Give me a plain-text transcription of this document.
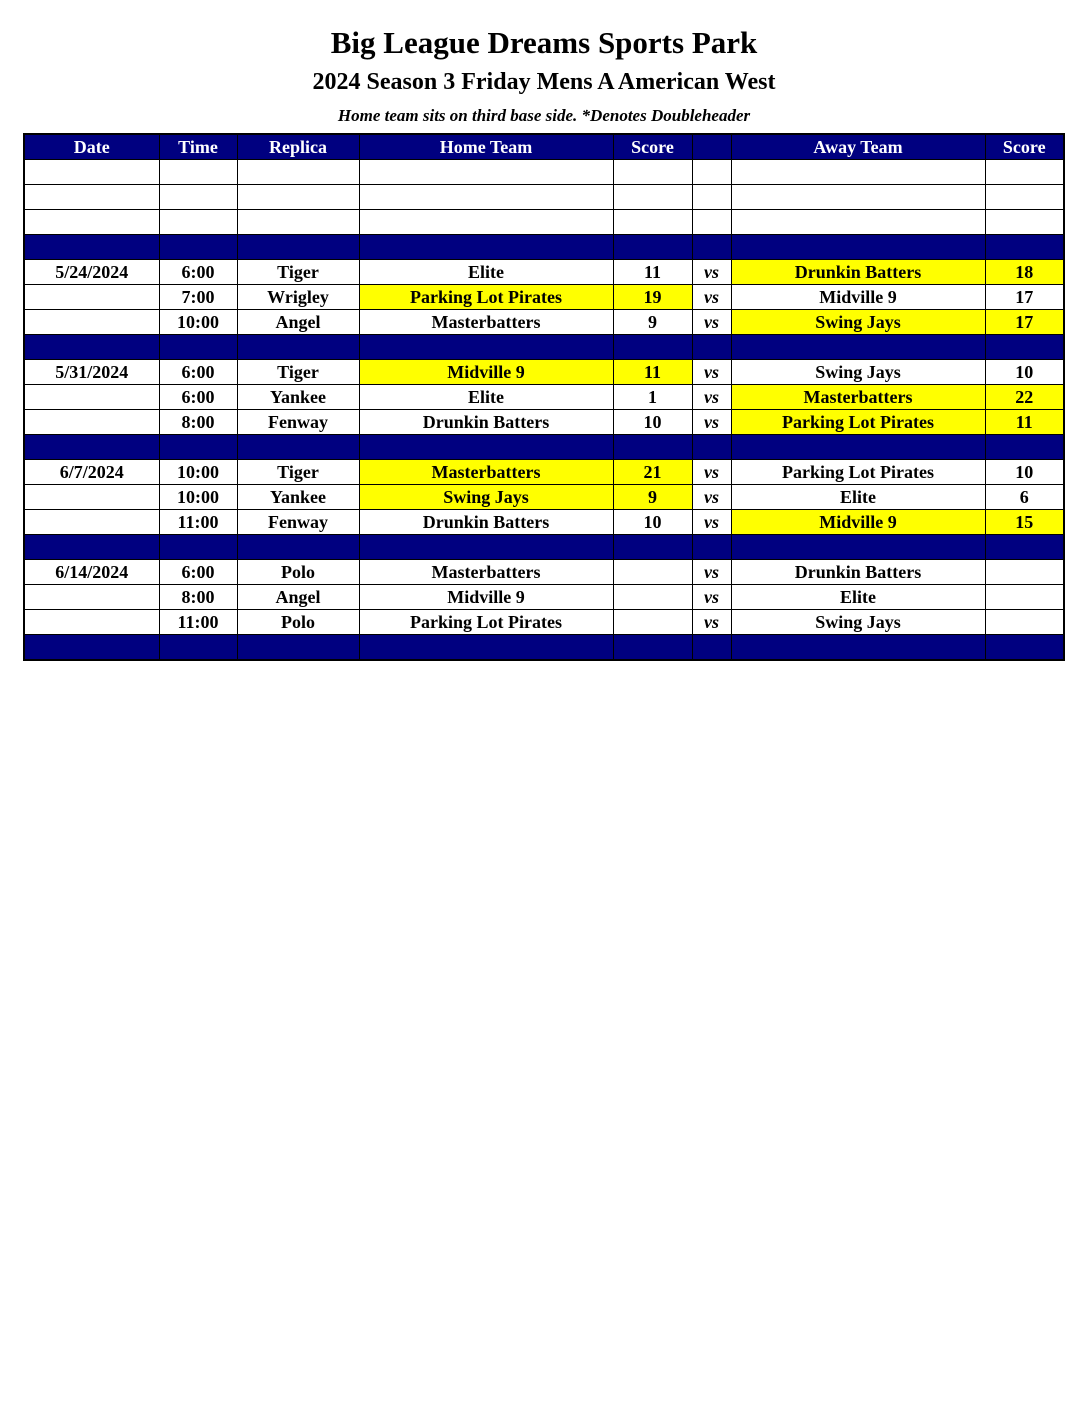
Big League Dreams Sports Park
2024 Season 3 Friday Mens A American West
Home team sits on third base side. *Denotes Doubleheader
Date	Time	Replica	Home Team	Score		Away Team	Score

5/24/2024	6:00	Tiger	Elite	11	vs	Drunkin Batters	18
	7:00	Wrigley	Parking Lot Pirates	19	vs	Midville 9	17
	10:00	Angel	Masterbatters	9	vs	Swing Jays	17

5/31/2024	6:00	Tiger	Midville 9	11	vs	Swing Jays	10
	6:00	Yankee	Elite	1	vs	Masterbatters	22
	8:00	Fenway	Drunkin Batters	10	vs	Parking Lot Pirates	11

6/7/2024	10:00	Tiger	Masterbatters	21	vs	Parking Lot Pirates	10
	10:00	Yankee	Swing Jays	9	vs	Elite	6
	11:00	Fenway	Drunkin Batters	10	vs	Midville 9	15

6/14/2024	6:00	Polo	Masterbatters		vs	Drunkin Batters	
	8:00	Angel	Midville 9		vs	Elite	
	11:00	Polo	Parking Lot Pirates		vs	Swing Jays	
